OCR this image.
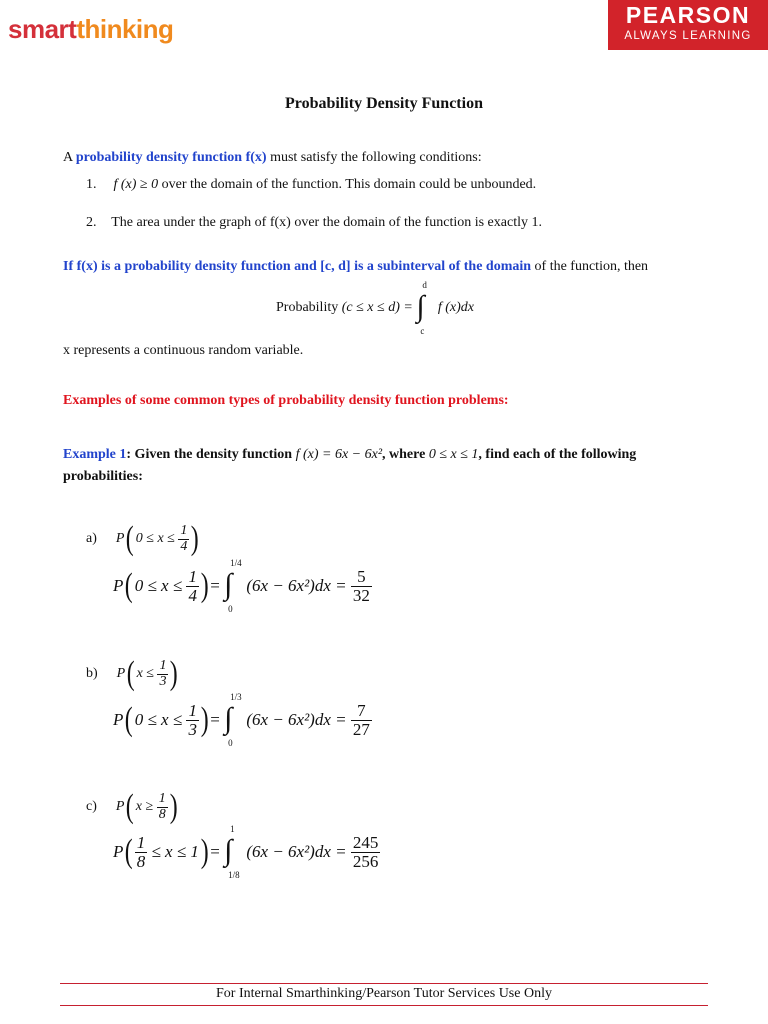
smartthinking	PEARSON
ALWAYS LEARNING
Probability Density Function
A probability density function f(x) must satisfy the following conditions:
1. f (x) ≥ 0 over the domain of the function. This domain could be unbounded.
2. The area under the graph of f(x) over the domain of the function is exactly 1.
If f(x) is a probability density function and [c, d] is a subinterval of the domain of the function, then
Probability (c ≤ x ≤ d) = ∫
d
c
f (x)dx
x represents a continuous random variable.
Examples of some common types of probability density function problems:
Example 1: Given the density function f (x) = 6x − 6x², where 0 ≤ x ≤ 1, find each of the following
probabilities:
a) P( $0 \le x \le \frac{1}{4}$ )
$P(0 \le x \le \frac{1}{4}$ )= ∫
1/4
0
$(6x - 6x^2)dx = \frac{5}{32}$
b) P( $x \le \frac{1}{3}$ )
$P(0 \le x \le \frac{1}{3}$ )= ∫
1/3
0
$(6x - 6x^2)dx = \frac{7}{27}$
c) P( $x \ge \frac{1}{8}$ )
$P( \frac{1}{8} \le x \le 1)=$ ∫
1
1/8
$(6x - 6x^2)dx = \frac{245}{256}$
For Internal Smarthinking/Pearson Tutor Services Use Only
